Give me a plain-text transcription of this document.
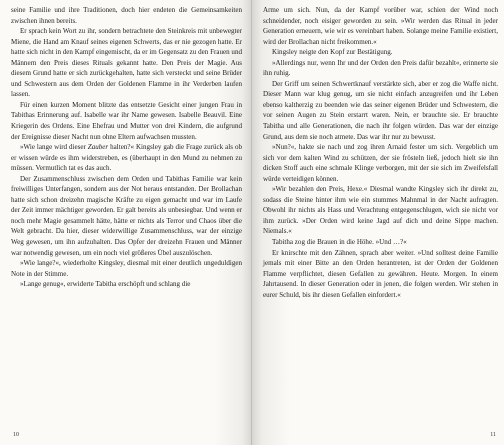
seine Familie und ihre Traditionen, doch hier endeten die Gemeinsamkeiten zwischen ihnen bereits.

Er sprach kein Wort zu ihr, sondern betrachtete den Steinkreis mit unbewegter Miene, die Hand am Knauf seines eigenen Schwerts, das er nie gezogen hatte. Er hatte sich nicht in den Kampf eingemischt, da er im Gegensatz zu den Frauen und Männern den Preis dieses Rituals gekannt hatte. Den Preis der Magie. Aus diesem Grund hatte er sich zurückgehalten, hatte sich versteckt und seine Brüder und Schwestern aus dem Orden der Goldenen Flamme in ihr Verderben laufen lassen.

Für einen kurzen Moment blitzte das entsetzte Gesicht einer jungen Frau in Tabithas Erinnerung auf. Isabelle war ihr Name gewesen. Isabelle Beauvil. Eine Kriegerin des Ordens. Eine Ehefrau und Mutter von drei Kindern, die aufgrund der Ereignisse dieser Nacht nun ohne Eltern aufwachsen mussten.

»Wie lange wird dieser Zauber halten?« Kingsley gab die Frage zurück als ob er wissen würde es ihm widerstreben, es (überhaupt in den Mund zu nehmen zu müssen. Vermutlich tat es das auch.

Der Zusammenschluss zwischen dem Orden und Tabithas Familie war kein freiwilliges Unterfangen, sondern aus der Not heraus entstanden. Der Brollachan hatte sich schon dreizehn magische Kräfte zu eigen gemacht und war im Laufe der Zeit immer mächtiger geworden. Er galt bereits als unbesiegbar. Und wenn er noch mehr Magie gesammelt hätte, hätte er nichts als Terror und Chaos über die Welt gebracht. Da hier, dieser widerwillige Zusammenschluss, war der einzige Weg gewesen, um ihn aufzuhalten. Das Opfer der dreizehn Frauen und Männer war notwendig gewesen, um ein noch viel größeres Übel auszulöschen.

»Wie lange?«, wiederholte Kingsley, diesmal mit einer deutlich ungeduldigen Note in der Stimme.

»Lange genug«, erwiderte Tabitha erschöpft und schlang die

10

Arme um sich. Nun, da der Kampf vorüber war, schien der Wind noch schneidender, noch eisiger geworden zu sein. »Wir werden das Ritual in jeder Generation erneuern, wie wir es vereinbart haben. Solange meine Familie existiert, wird der Brollachan nicht freikommen.«

Kingsley neigte den Kopf zur Bestätigung.

»Allerdings nur, wenn Ihr und der Orden den Preis dafür bezahlt«, erinnerte sie ihn ruhig.

Der Griff um seinen Schwertknauf verstärkte sich, aber er zog die Waffe nicht. Dieser Mann war klug genug, um sie nicht einfach anzugreifen und ihr Leben ebenso kaltherzig zu beenden wie das seiner eigenen Brüder und Schwestern, die vor seinen Augen zu Stein erstarrt waren. Nein, er brauchte sie. Er brauchte Tabitha und alle Generationen, die nach ihr folgen würden. Das war der einzige Grund, aus dem sie noch atmete. Das war ihr nur zu bewusst.

»Nun?«, hakte sie nach und zog ihren Arnaid fester um sich. Vergeblich um sich vor dem kalten Wind zu schützen, der sie frösteln ließ, jedoch hielt sie ihn dicken Stoff auch eine schmale Klinge verborgen, mit der sie sich im Zweifelsfall würde verteidigen können.

»Wir bezahlen den Preis, Hexe.« Diesmal wandte Kingsley sich ihr direkt zu, sodass die Steine hinter ihm wie ein stummes Mahnmal in der Nacht aufragten. Obwohl ihr nichts als Hass und Verachtung entgegenschlugen, wich sie nicht vor ihm zurück. »Der Orden wird keine Jagd auf dich und deine Sippe machen. Niemals.«

Tabitha zog die Brauen in die Höhe. »Und …?«

Er knirschte mit den Zähnen, sprach aber weiter. »Und solltest deine Familie jemals mit einer Bitte an den Orden herantreten, ist der Orden der Goldenen Flamme verpflichtet, diesen Gefallen zu gewähren. Heute. Morgen. In einem Jahrtausend. In dieser Generation oder in jenen, die folgen werden. Wir stehen in eurer Schuld, bis ihr diesen Gefallen einfordert.«

11
